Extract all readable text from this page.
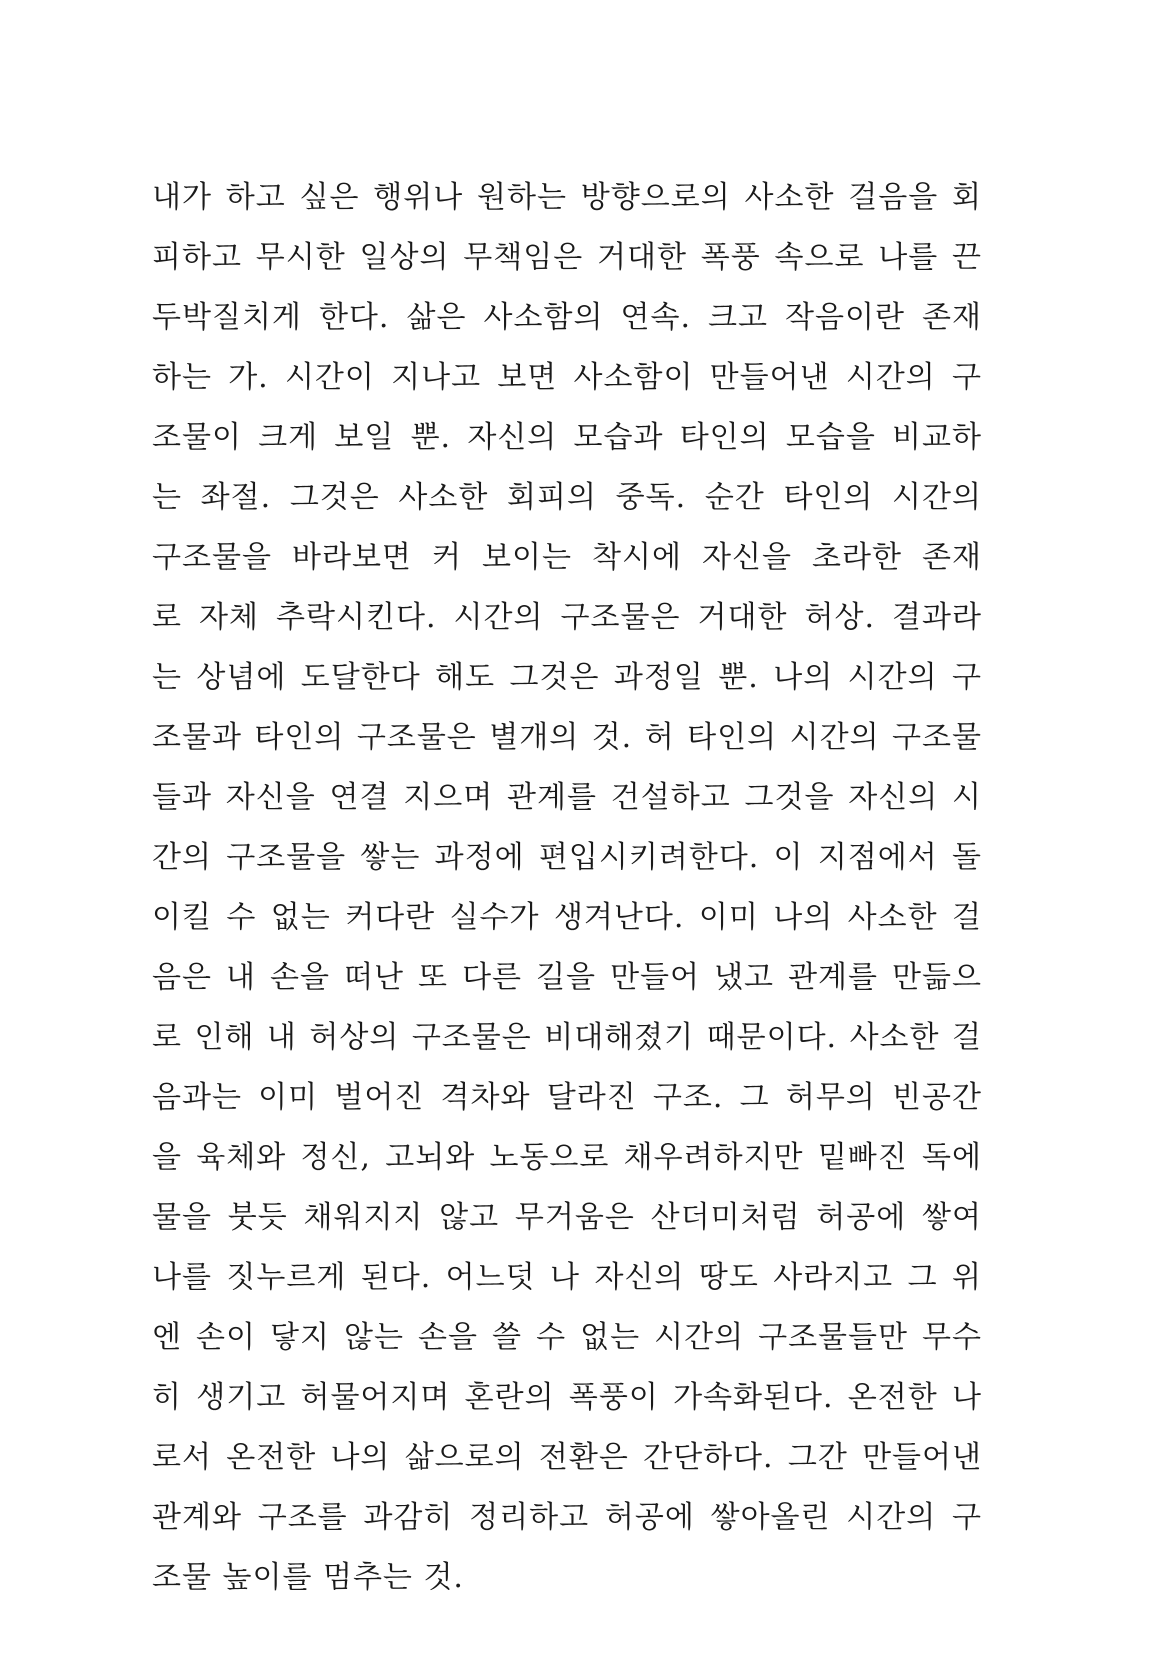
내가 하고 싶은 행위나 원하는 방향으로의 사소한 걸음을 회
피하고 무시한 일상의 무책임은 거대한 폭풍 속으로 나를 끈
두박질치게 한다. 삶은 사소함의 연속. 크고 작음이란 존재
하는 가. 시간이 지나고 보면 사소함이 만들어낸 시간의 구
조물이 크게 보일 뿐. 자신의 모습과 타인의 모습을 비교하
는 좌절. 그것은 사소한 회피의 중독. 순간 타인의 시간의
구조물을 바라보면 커 보이는 착시에 자신을 초라한 존재
로 자체 추락시킨다. 시간의 구조물은 거대한 허상. 결과라
는 상념에 도달한다 해도 그것은 과정일 뿐. 나의 시간의 구
조물과 타인의 구조물은 별개의 것. 허 타인의 시간의 구조물
들과 자신을 연결 지으며 관계를 건설하고 그것을 자신의 시
간의 구조물을 쌓는 과정에 편입시키려한다. 이 지점에서 돌
이킬 수 없는 커다란 실수가 생겨난다. 이미 나의 사소한 걸
음은 내 손을 떠난 또 다른 길을 만들어 냈고 관계를 만듦으
로 인해 내 허상의 구조물은 비대해졌기 때문이다. 사소한 걸
음과는 이미 벌어진 격차와 달라진 구조. 그 허무의 빈공간
을 육체와 정신, 고뇌와 노동으로 채우려하지만 밑빠진 독에
물을 붓듯 채워지지 않고 무거움은 산더미처럼 허공에 쌓여
나를 짓누르게 된다. 어느덧 나 자신의 땅도 사라지고 그 위
엔 손이 닿지 않는 손을 쓸 수 없는 시간의 구조물들만 무수
히 생기고 허물어지며 혼란의 폭풍이 가속화된다. 온전한 나
로서 온전한 나의 삶으로의 전환은 간단하다. 그간 만들어낸
관계와 구조를 과감히 정리하고 허공에 쌓아올린 시간의 구
조물 높이를 멈추는 것.
